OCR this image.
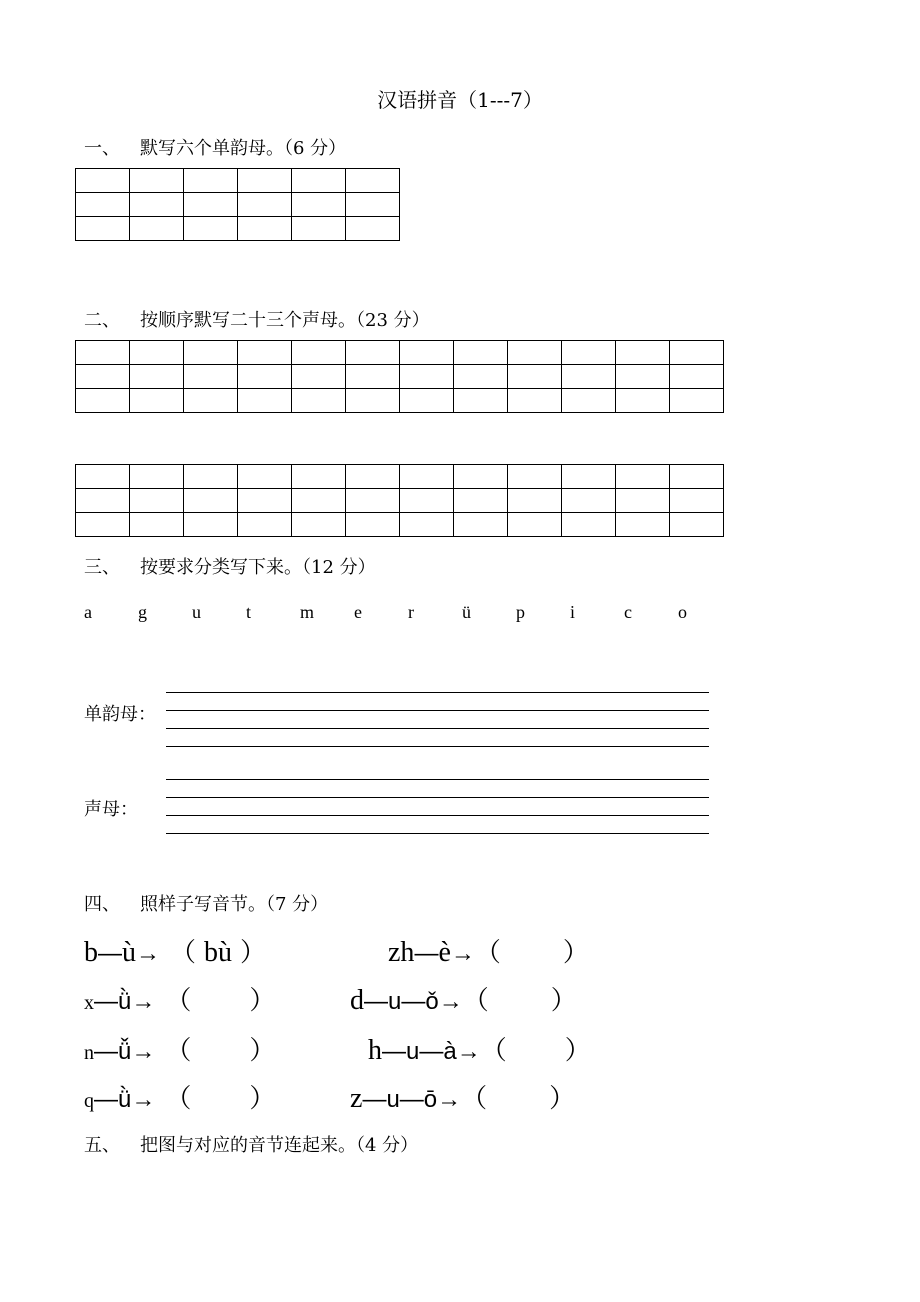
汉语拼音（1---7）
一、 默写六个单韵母。（6 分）

二、 按顺序默写二十三个声母。（23 分）

三、 按要求分类写下来。（12 分）
a	g	u	t	m e	r	ü	p	i	c	o
单韵母：
声母：
四、 照样子写音节。（7 分）
b—ù→ （ bù ）	zh—è→（ ）
x—ǜ→ （ ）	d—u—ǒ→（ ）
n—ǚ→ （ ）	h—u—à→（ ）
q—ǜ→ （ ）	z—u—ō→（ ）
五、 把图与对应的音节连起来。（4 分）
